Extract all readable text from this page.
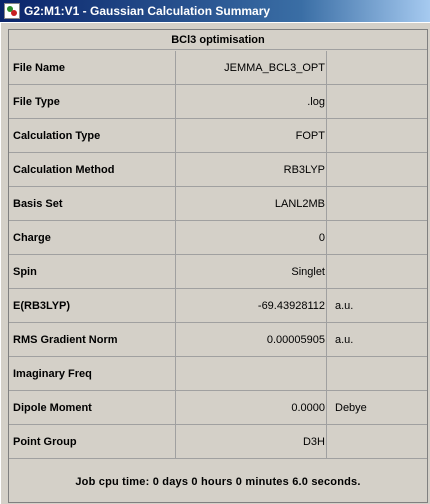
G2:M1:V1 - Gaussian Calculation Summary
BCl3 optimisation
File Name	JEMMA_BCL3_OPT
File Type	.log
Calculation Type	FOPT
Calculation Method	RB3LYP
Basis Set	LANL2MB
Charge	0
Spin	Singlet
E(RB3LYP)	-69.43928112 a.u.
RMS Gradient Norm	0.00005905 a.u.
Imaginary Freq
Dipole Moment	0.0000 Debye
Point Group	D3H
Job cpu time: 0 days 0 hours 0 minutes 6.0 seconds.
